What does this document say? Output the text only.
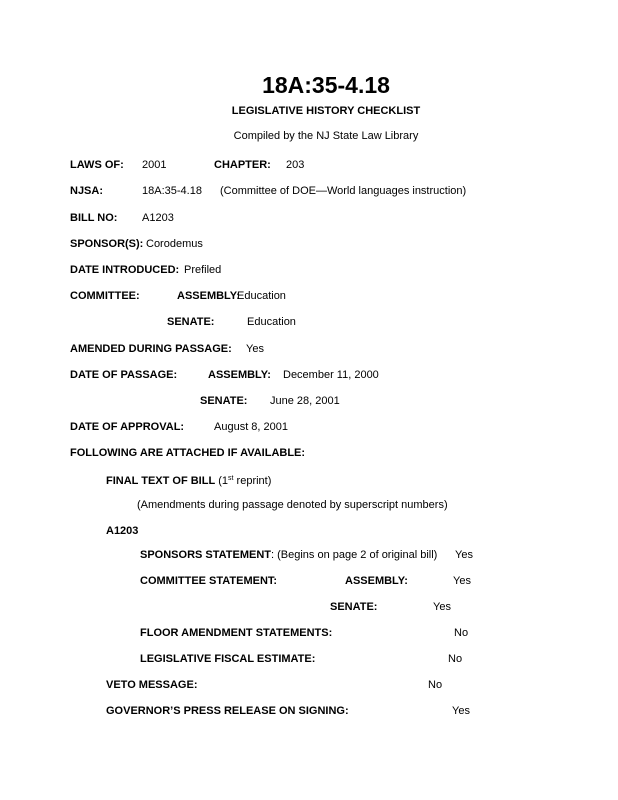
18A:35-4.18
LEGISLATIVE HISTORY CHECKLIST
Compiled by the NJ State Law Library
LAWS OF: 2001	CHAPTER: 203
NJSA:	18A:35-4.18 (Committee of DOE—World languages instruction)
BILL NO: A1203
SPONSOR(S): Corodemus
DATE INTRODUCED: Prefiled
COMMITTEE:	ASSEMBLY:
Education
SENATE:	Education
AMENDED DURING PASSAGE: Yes
DATE OF PASSAGE:	ASSEMBLY: December 11, 2000
SENATE: June 28, 2001
DATE OF APPROVAL:	August 8, 2001
FOLLOWING ARE ATTACHED IF AVAILABLE:
FINAL TEXT OF BILL (1st reprint)
(Amendments during passage denoted by superscript numbers)
A1203
SPONSORS STATEMENT: (Begins on page 2 of original bill) Yes
COMMITTEE STATEMENT:	ASSEMBLY:	Yes
SENATE:	Yes
FLOOR AMENDMENT STATEMENTS:	No
LEGISLATIVE FISCAL ESTIMATE:	No
VETO MESSAGE:	No
GOVERNOR’S PRESS RELEASE ON SIGNING:	Yes
